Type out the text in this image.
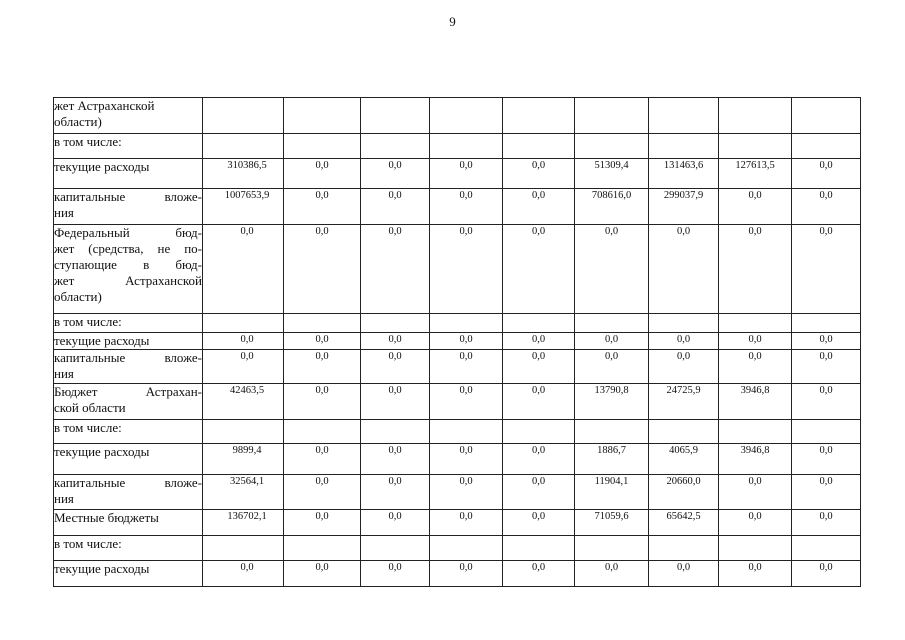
9
жет Астраханской
области)									

в том числе:									

текущие расходы	310386,5	0,0	0,0	0,0	0,0	51309,4	131463,6	127613,5	0,0

капитальные вложе-
ния	1007653,9	0,0	0,0	0,0	0,0	708616,0	299037,9	0,0	0,0

Федеральный бюд-
жет (средства, не по-
ступающие в бюд-
жет Астраханской
области)	0,0	0,0	0,0	0,0	0,0	0,0	0,0	0,0	0,0

в том числе:									

текущие расходы	0,0	0,0	0,0	0,0	0,0	0,0	0,0	0,0	0,0

капитальные вложе-
ния	0,0	0,0	0,0	0,0	0,0	0,0	0,0	0,0	0,0

Бюджет Астрахан-
ской области	42463,5	0,0	0,0	0,0	0,0	13790,8	24725,9	3946,8	0,0

в том числе:									

текущие расходы	9899,4	0,0	0,0	0,0	0,0	1886,7	4065,9	3946,8	0,0

капитальные вложе-
ния	32564,1	0,0	0,0	0,0	0,0	11904,1	20660,0	0,0	0,0

Местные бюджеты	136702,1	0,0	0,0	0,0	0,0	71059,6	65642,5	0,0	0,0

в том числе:									

текущие расходы	0,0	0,0	0,0	0,0	0,0	0,0	0,0	0,0	0,0
